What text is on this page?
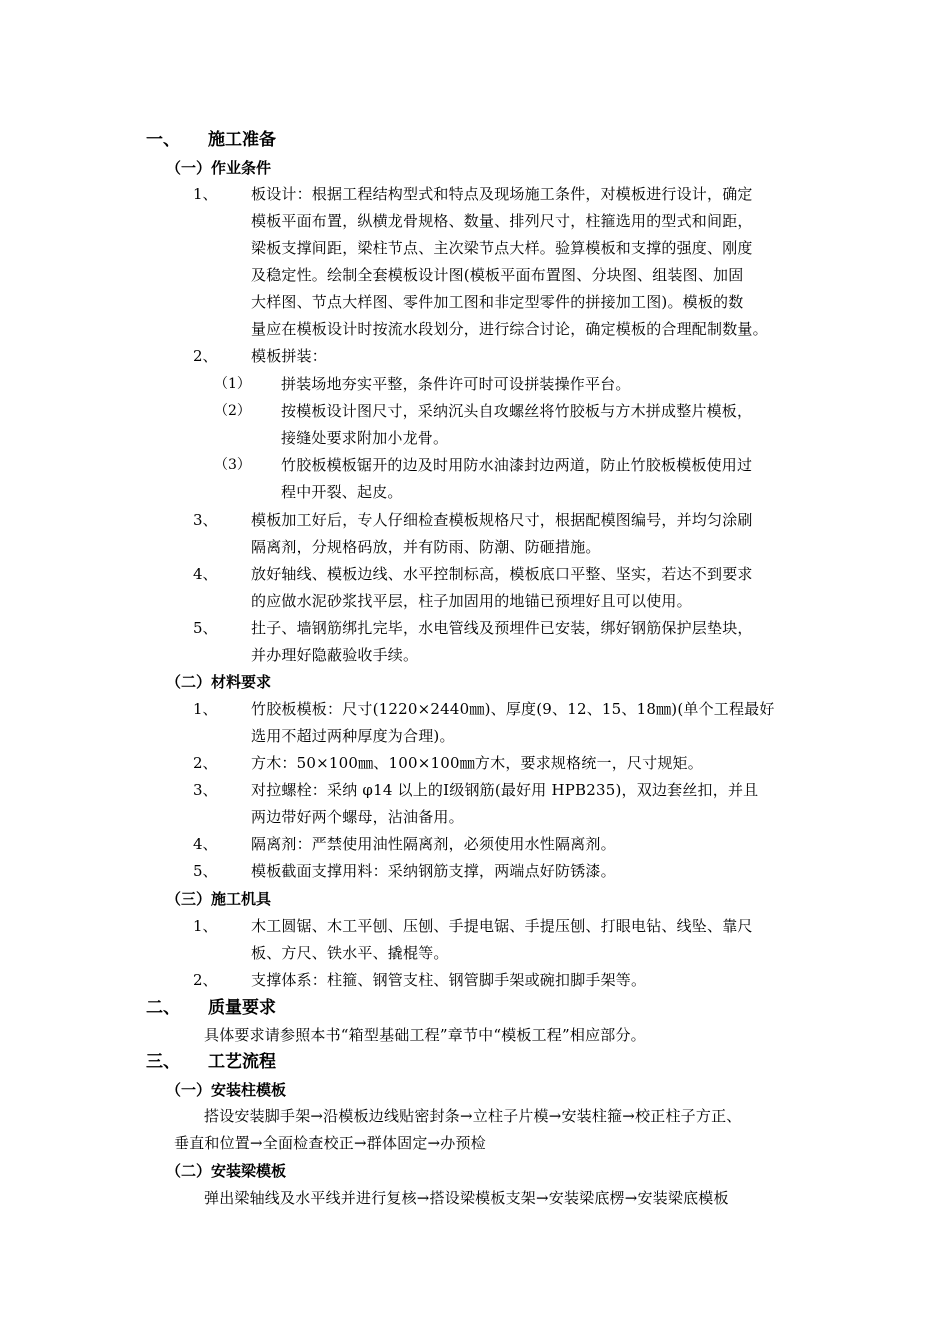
一、 施工准备
（一） 作业条件
1、 板设计：根据工程结构型式和特点及现场施工条件，对模板进行设计，确定
模板平面布置，纵横龙骨规格、数量、排列尺寸，柱箍选用的型式和间距，
梁板支撑间距，梁柱节点、主次梁节点大样。验算模板和支撑的强度、刚度
及稳定性。绘制全套模板设计图(模板平面布置图、分块图、组装图、加固
大样图、节点大样图、零件加工图和非定型零件的拼接加工图)。模板的数
量应在模板设计时按流水段划分，进行综合讨论，确定模板的合理配制数量。
2、 模板拼装：
（1） 拼装场地夯实平整，条件许可时可设拼装操作平台。
（2） 按模板设计图尺寸，采纳沉头自攻螺丝将竹胶板与方木拼成整片模板，
接缝处要求附加小龙骨。
（3） 竹胶板模板锯开的边及时用防水油漆封边两道，防止竹胶板模板使用过
程中开裂、起皮。
3、 模板加工好后，专人仔细检查模板规格尺寸，根据配模图编号，并均匀涂刷
隔离剂，分规格码放，并有防雨、防潮、防砸措施。
4、 放好轴线、模板边线、水平控制标高，模板底口平整、坚实，若达不到要求
的应做水泥砂浆找平层，柱子加固用的地锚已预埋好且可以使用。
5、 扗子、墙钢筋绑扎完毕，水电管线及预埋件已安装，绑好钢筋保护层垫块，
并办理好隐蔽验收手续。
（二） 材料要求
1、 竹胶板模板：尺寸(1220×2440㎜)、厚度(9、12、15、18㎜)(单个工程最好
选用不超过两种厚度为合理)。
2、 方木：50×100㎜、100×100㎜方木，要求规格统一，尺寸规矩。
3、 对拉螺栓：采纳 φ14 以上的Ⅰ级钢筋(最好用 HPB235)，双边套丝扣，并且
两边带好两个螺母，沾油备用。
4、 隔离剂：严禁使用油性隔离剂，必须使用水性隔离剂。
5、 模板截面支撑用料：采纳钢筋支撑，两端点好防锈漆。
（三） 施工机具
1、 木工圆锯、木工平刨、压刨、手提电锯、手提压刨、打眼电钻、线坠、靠尺
板、方尺、铁水平、撬棍等。
2、 支撑体系：柱箍、钢管支柱、钢管脚手架或碗扣脚手架等。
二、 质量要求
具体要求请参照本书“箱型基础工程”章节中“模板工程”相应部分。
三、 工艺流程
（一） 安装柱模板
搭设安装脚手架→沿模板边线贴密封条→立柱子片模→安装柱箍→校正柱子方正、
垂直和位置→全面检查校正→群体固定→办预检
（二） 安装梁模板
弹出梁轴线及水平线并进行复核→搭设梁模板支架→安装梁底楞→安装梁底模板
